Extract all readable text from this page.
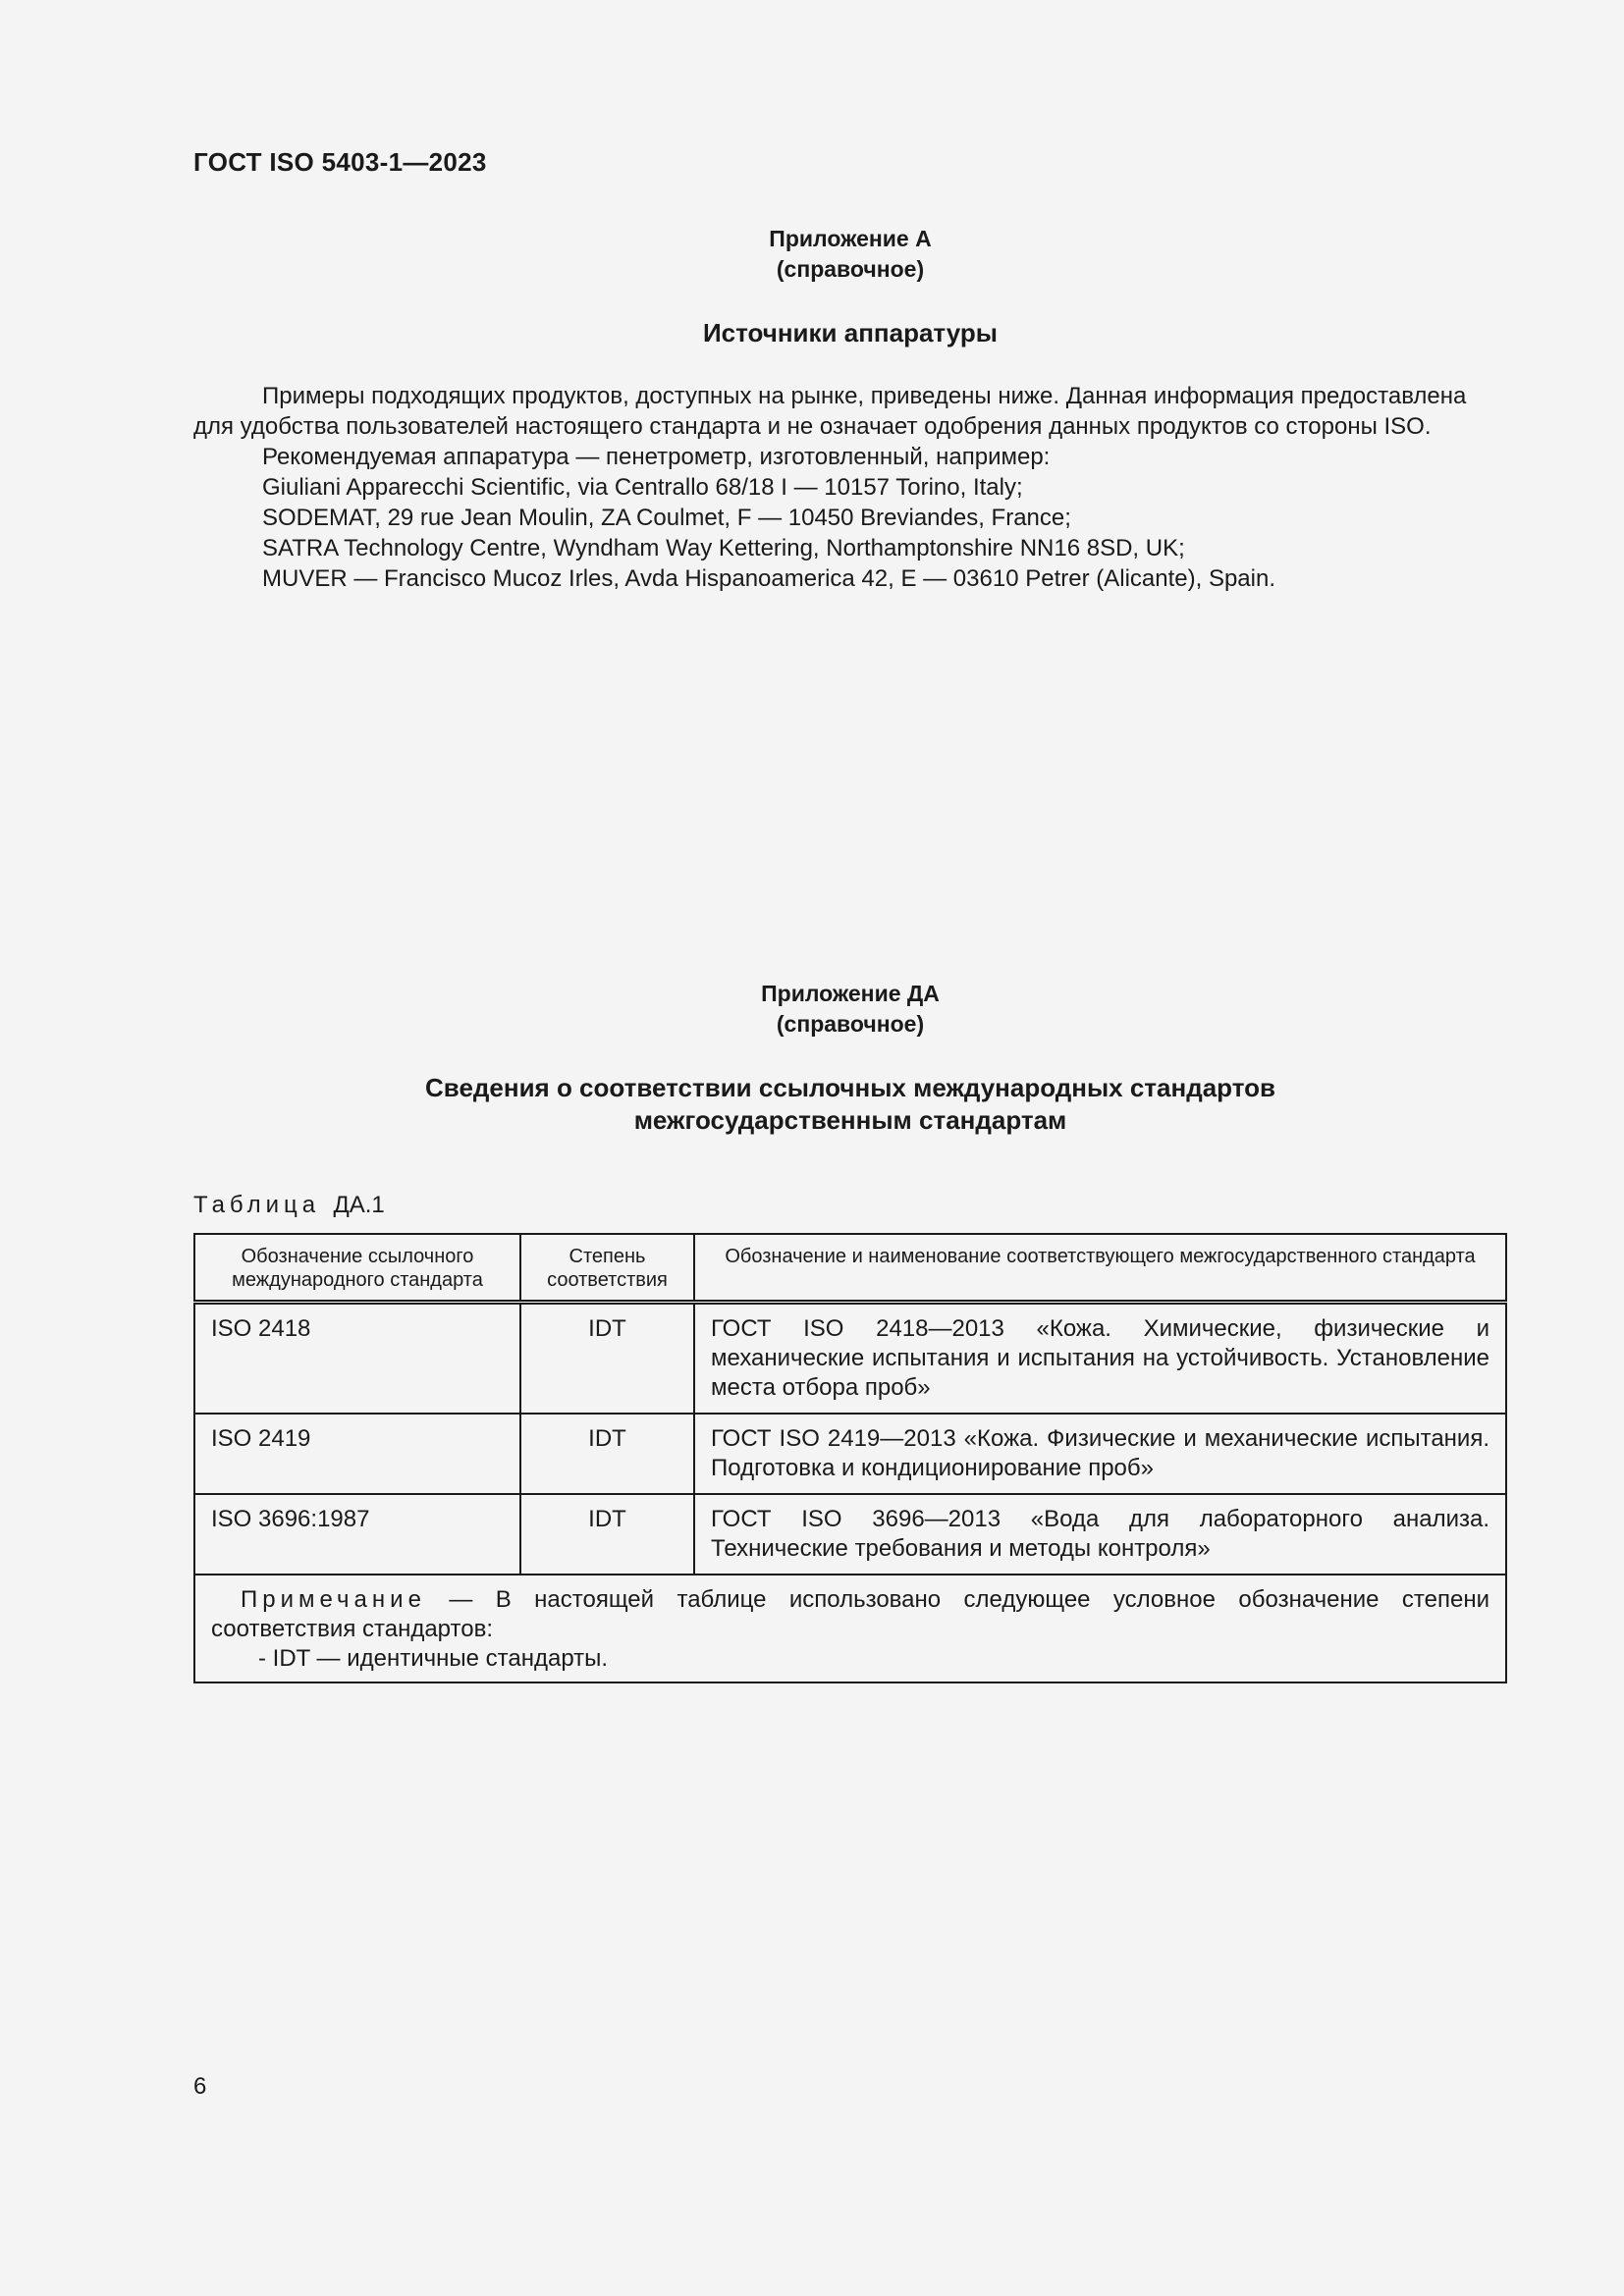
ГОСТ ISO 5403-1—2023
Приложение А
(справочное)
Источники аппаратуры

Примеры подходящих продуктов, доступных на рынке, приведены ниже. Данная информация предоставлена для удобства пользователей настоящего стандарта и не означает одобрения данных продуктов со стороны ISO.

Рекомендуемая аппаратура — пенетрометр, изготовленный, например:

Giuliani Apparecchi Scientific, via Centrallo 68/18 I — 10157 Torino, Italy;

SODEMAT, 29 rue Jean Moulin, ZA Coulmet, F — 10450 Breviandes, France;

SATRA Technology Centre, Wyndham Way Kettering, Northamptonshire NN16 8SD, UK;

MUVER — Francisco Mucoz Irles, Avda Hispanoamerica 42, E — 03610 Petrer (Alicante), Spain.

Приложение ДА
(справочное)
Сведения о соответствии ссылочных международных стандартов
межгосударственным стандартам
Таблица ДА.1
Обозначение ссылочного международного стандарта	Степень соответствия	Обозначение и наименование соответствующего межгосударственного стандарта
ISO 2418	IDT	ГОСТ ISO 2418—2013 «Кожа. Химические, физические и механические испытания и испытания на устойчивость. Установление места отбора проб»
ISO 2419	IDT	ГОСТ ISO 2419—2013 «Кожа. Физические и механические испытания. Подготовка и кондиционирование проб»
ISO 3696:1987	IDT	ГОСТ ISO 3696—2013 «Вода для лабораторного анализа. Технические требования и методы контроля»

Примечание — В настоящей таблице использовано следующее условное обозначение степени соответствия стандартов:
- IDT — идентичные стандарты.		
6
